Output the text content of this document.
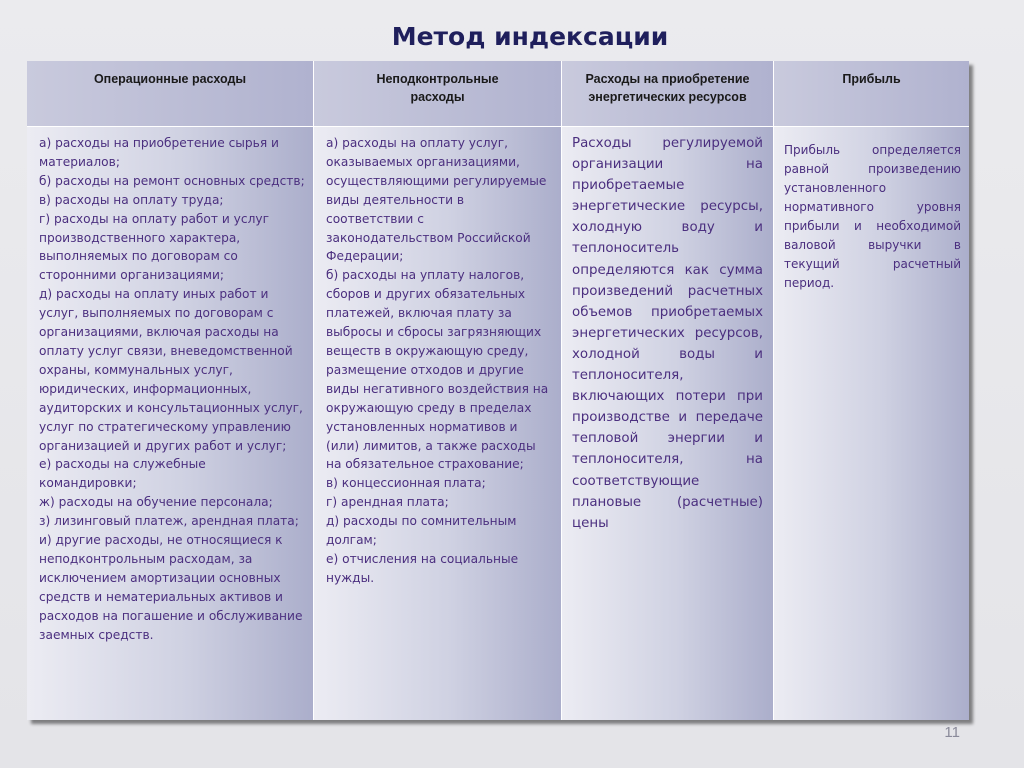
Метод индексации
Операционные расходы	Неподконтрольные
расходы
Расходы на приобретение
энергетических ресурсов
Прибыль
а) расходы на приобретение сырья и материалов;
б) расходы на ремонт основных средств;
в) расходы на оплату труда;
г) расходы на оплату работ и услуг производственного характера, выполняемых по договорам со сторонними организациями;
д) расходы на оплату иных работ и услуг, выполняемых по договорам с организациями, включая расходы на оплату услуг связи, вневедомственной охраны, коммунальных услуг, юридических, информационных, аудиторских и консультационных услуг, услуг по стратегическому управлению организацией и других работ и услуг;
е) расходы на служебные командировки;
ж) расходы на обучение персонала;
з) лизинговый платеж, арендная плата;
и) другие расходы, не относящиеся к неподконтрольным расходам, за исключением амортизации основных средств и нематериальных активов и расходов на погашение и обслуживание заемных средств.
а) расходы на оплату услуг, оказываемых организациями, осуществляющими регулируемые виды деятельности в соответствии с законодательством Российской Федерации;
б) расходы на уплату налогов, сборов и других обязательных платежей, включая плату за выбросы и сбросы загрязняющих веществ в окружающую среду, размещение отходов и другие виды негативного воздействия на окружающую среду в пределах установленных нормативов и (или) лимитов, а также расходы на обязательное страхование;
в) концессионная плата;
г) арендная плата;
д) расходы по сомнительным долгам;
е) отчисления на социальные нужды.
Расходы регулируемой организации на приобретаемые энергетические ресурсы, холодную воду и теплоноситель определяются как сумма произведений расчетных объемов приобретаемых энергетических ресурсов, холодной воды и теплоносителя, включающих потери при производстве и передаче тепловой энергии и теплоносителя, на соответствующие плановые (расчетные) цены
Прибыль определяется равной произведению установленного нормативного уровня прибыли и необходимой валовой выручки в текущий расчетный период.
11
